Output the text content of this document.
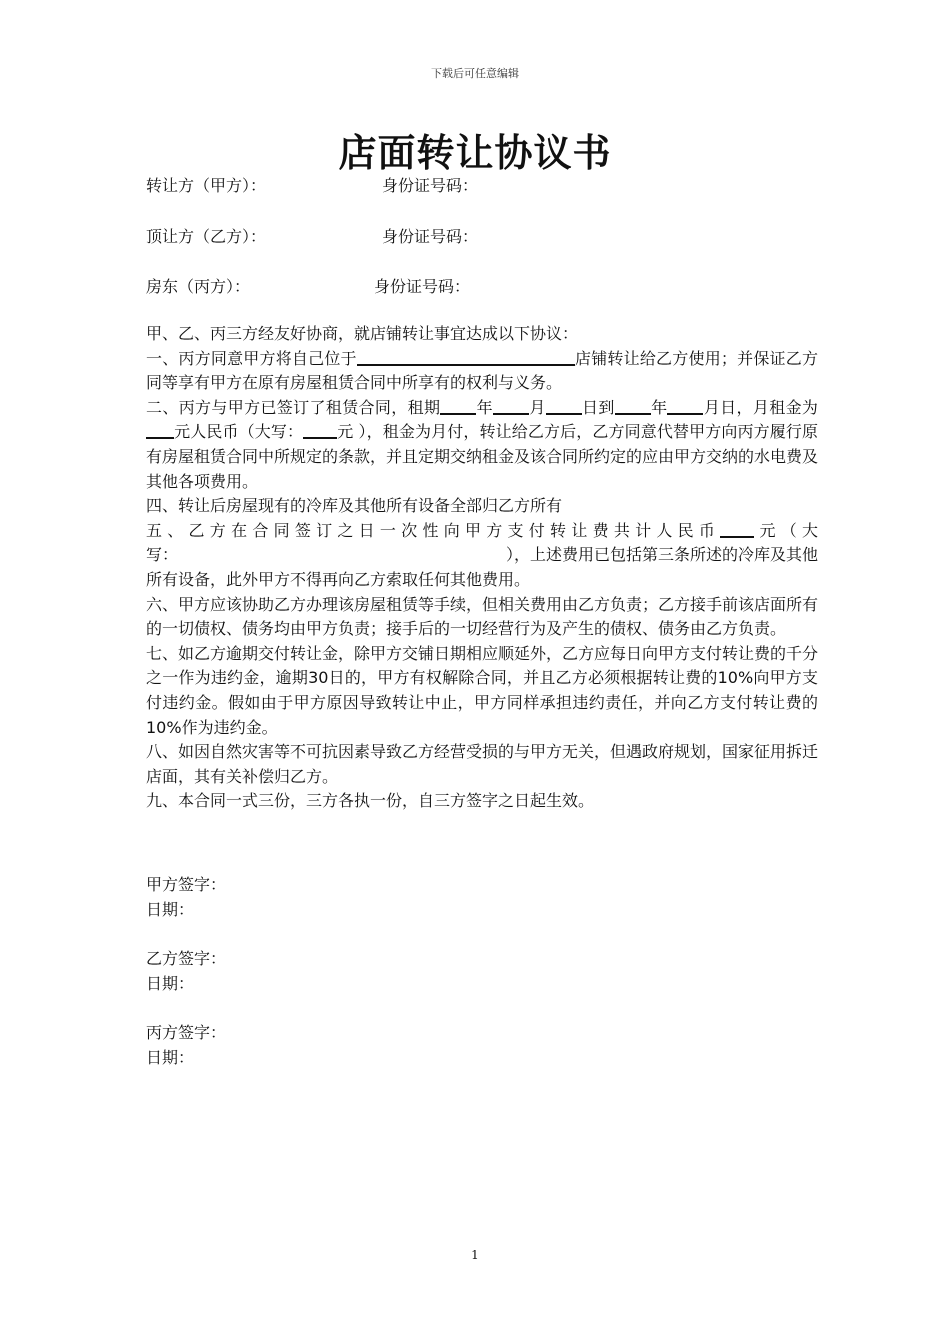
下载后可任意编辑
店面转让协议书
转让方（甲方）：	身份证号码：
顶让方（乙方）：	身份证号码：
房东（丙方）：	身份证号码：

甲、乙、丙三方经友好协商，就店铺转让事宜达成以下协议：

一、丙方同意甲方将自己位于	店铺转让给乙方使用；并保证乙方同等享有甲方在原有房屋租赁合同中所享有的权利与义务。

二、丙方与甲方已签订了租赁合同，租期 年 月 日到 年 月日，月租金为元人民币（大写： 元 ），租金为月付，转让给乙方后，乙方同意代替甲方向丙方履行原有房屋租赁合同中所规定的条款，并且定期交纳租金及该合同所约定的应由甲方交纳的水电费及其他各项费用。

四、转让后房屋现有的冷库及其他所有设备全部归乙方所有

五、乙方在合同签订之日一次性向甲方支付转让费共计人民币 元（大写：　　　　　　　　　　　　　　　　　　　　　），上述费用已包括第三条所述的冷库及其他所有设备，此外甲方不得再向乙方索取任何其他费用。

六、甲方应该协助乙方办理该房屋租赁等手续，但相关费用由乙方负责；乙方接手前该店面所有的一切债权、债务均由甲方负责；接手后的一切经营行为及产生的债权、债务由乙方负责。

七、如乙方逾期交付转让金，除甲方交铺日期相应顺延外，乙方应每日向甲方支付转让费的千分之一作为违约金，逾期30日的，甲方有权解除合同，并且乙方必须根据转让费的10%向甲方支付违约金。假如由于甲方原因导致转让中止，甲方同样承担违约责任，并向乙方支付转让费的10%作为违约金。

八、如因自然灾害等不可抗因素导致乙方经营受损的与甲方无关，但遇政府规划，国家征用拆迁店面，其有关补偿归乙方。

九、本合同一式三份，三方各执一份，自三方签字之日起生效。

甲方签字：
日期：
乙方签字：
日期：
丙方签字：
日期：
1
